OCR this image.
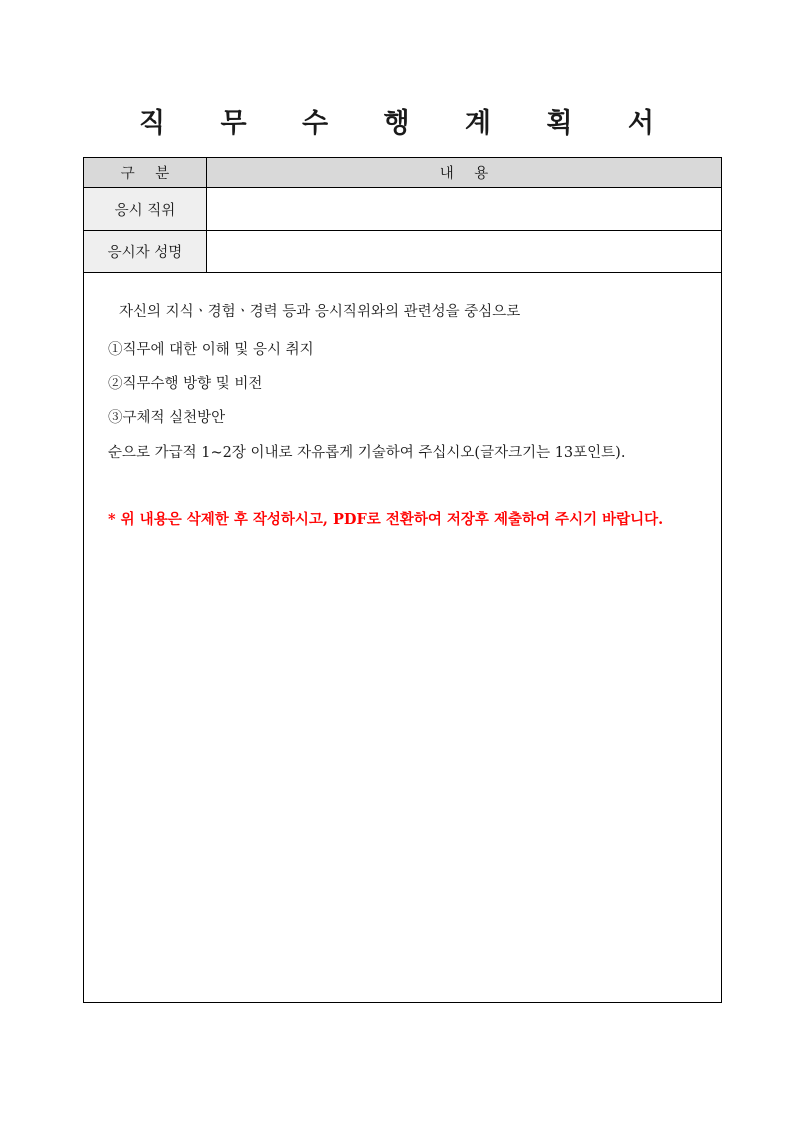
직 무 수 행 계 획 서
구 분	내 용
응시 직위
응시자 성명
자신의 지식ㆍ경험ㆍ경력 등과 응시직위와의 관련성을 중심으로
①직무에 대한 이해 및 응시 취지
②직무수행 방향 및 비전
③구체적 실천방안
순으로 가급적 1~2장 이내로 자유롭게 기술하여 주십시오(글자크기는 13포인트).
* 위 내용은 삭제한 후 작성하시고, PDF로 전환하여 저장후 제출하여 주시기 바랍니다.
